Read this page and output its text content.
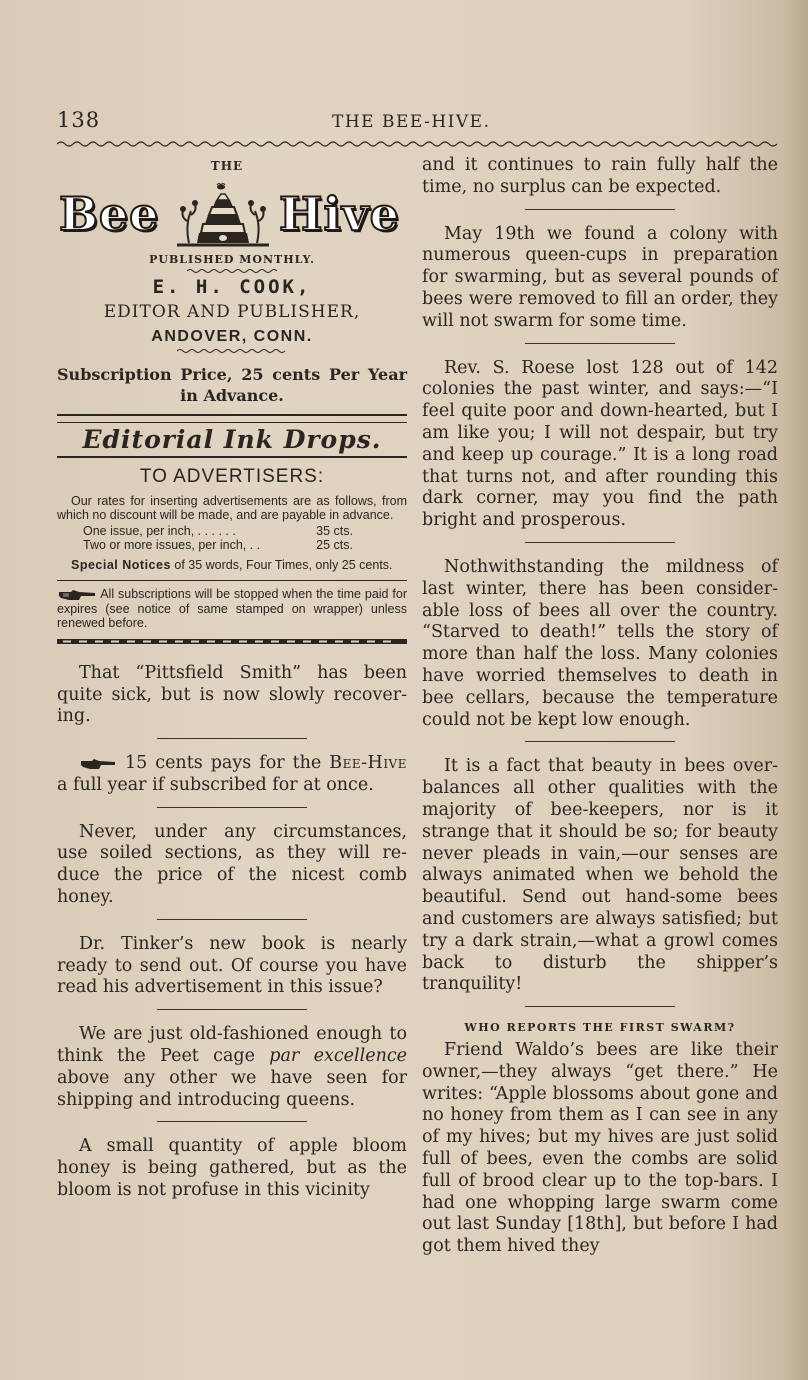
138	THE BEE-HIVE.
THE
Bee	Hive
PUBLISHED MONTHLY.
E. H. COOK,
EDITOR AND PUBLISHER,
ANDOVER, CONN.
Subscription Price, 25 cents Per Year in Advance.
Editorial Ink Drops.
TO ADVERTISERS:
Our rates for inserting advertisements are as follows, from which no discount will be made, and are payable in advance.
One issue, per inch, . . . . . .	35 cts.
Two or more issues, per inch, . .	25 cts.
Special Notices of 35 words, Four Times, only 25 cents.
All subscriptions will be stopped when the time paid for expires (see notice of same stamped on wrapper) unless renewed before.
That “Pittsfield Smith” has been quite sick, but is now slowly recover-ing.
15 cents pays for the Bee-Hive a full year if subscribed for at once.
Never, under any circumstances, use soiled sections, as they will re-duce the price of the nicest comb honey.
Dr. Tinker’s new book is nearly ready to send out. Of course you have read his advertisement in this issue?
We are just old-fashioned enough to think the Peet cage par excellence above any other we have seen for shipping and introducing queens.
A small quantity of apple bloom honey is being gathered, but as the bloom is not profuse in this vicinity
and it continues to rain fully half the time, no surplus can be expected.
May 19th we found a colony with numerous queen-cups in preparation for swarming, but as several pounds of bees were removed to fill an order, they will not swarm for some time.
Rev. S. Roese lost 128 out of 142 colonies the past winter, and says:—“I feel quite poor and down-hearted, but I am like you; I will not despair, but try and keep up courage.” It is a long road that turns not, and after rounding this dark corner, may you find the path bright and prosperous.
Nothwithstanding the mildness of last winter, there has been consider-able loss of bees all over the country. “Starved to death!” tells the story of more than half the loss. Many colonies have worried themselves to death in bee cellars, because the temperature could not be kept low enough.
It is a fact that beauty in bees over-balances all other qualities with the majority of bee-keepers, nor is it strange that it should be so; for beauty never pleads in vain,—our senses are always animated when we behold the beautiful. Send out hand-some bees and customers are always satisfied; but try a dark strain,—what a growl comes back to disturb the shipper’s tranquility!
WHO REPORTS THE FIRST SWARM?
Friend Waldo’s bees are like their owner,—they always “get there.” He writes: “Apple blossoms about gone and no honey from them as I can see in any of my hives; but my hives are just solid full of bees, even the combs are solid full of brood clear up to the top-bars. I had one whopping large swarm come out last Sunday [18th], but before I had got them hived they
